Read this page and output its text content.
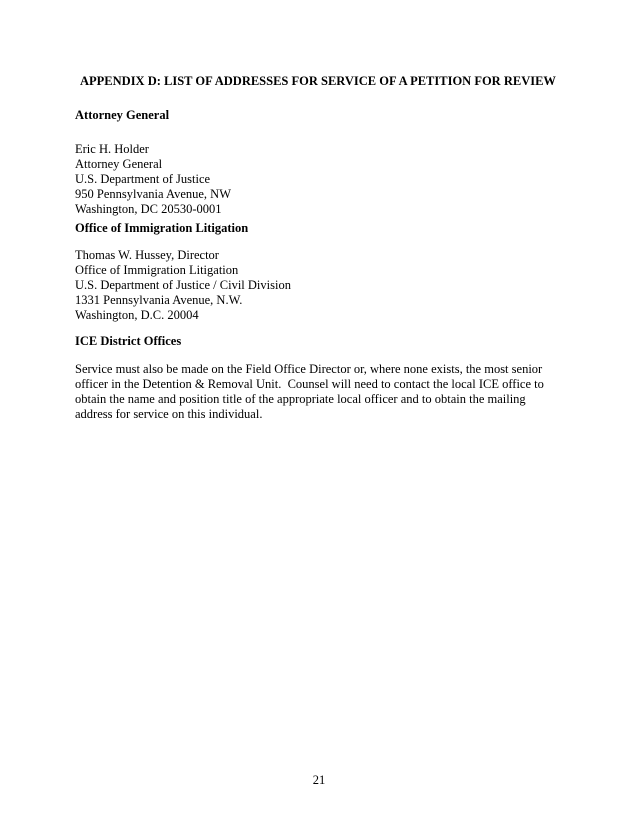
APPENDIX D: LIST OF ADDRESSES FOR SERVICE OF A PETITION FOR REVIEW
Attorney General
Eric H. Holder
Attorney General
U.S. Department of Justice
950 Pennsylvania Avenue, NW
Washington, DC 20530-0001
Office of Immigration Litigation
Thomas W. Hussey, Director
Office of Immigration Litigation
U.S. Department of Justice / Civil Division
1331 Pennsylvania Avenue, N.W.
Washington, D.C. 20004
ICE District Offices
Service must also be made on the Field Office Director or, where none exists, the most senior
officer in the Detention & Removal Unit.  Counsel will need to contact the local ICE office to
obtain the name and position title of the appropriate local officer and to obtain the mailing
address for service on this individual.
21
